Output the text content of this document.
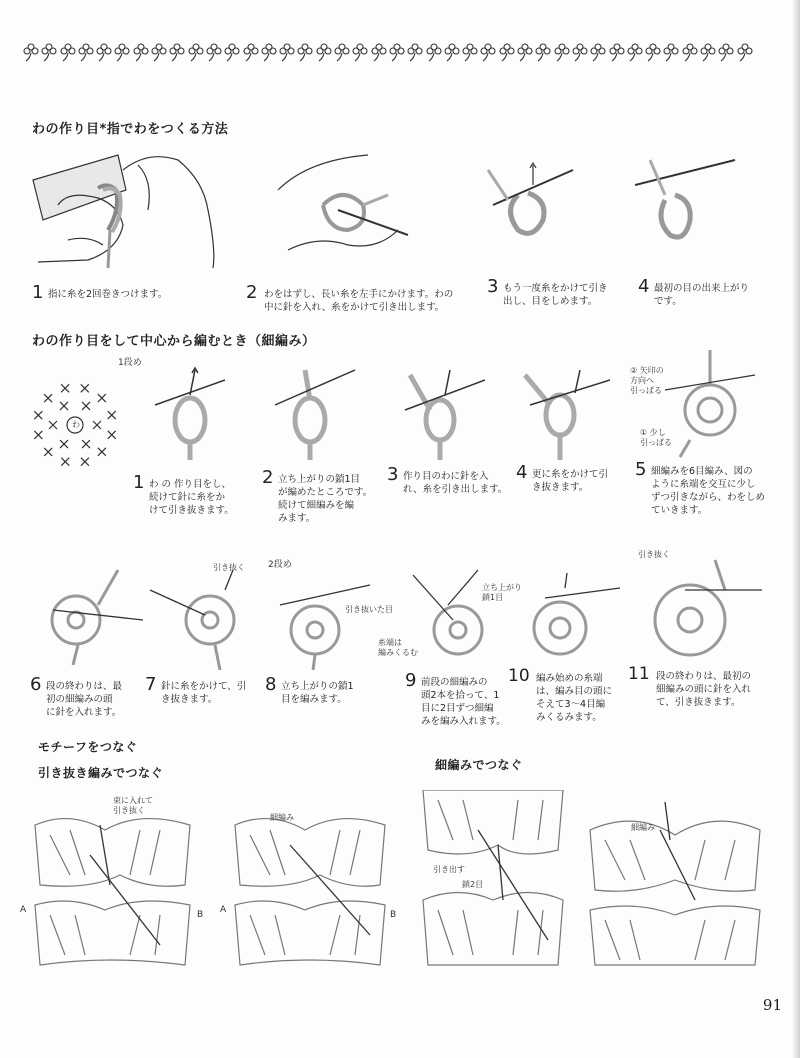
わの作り目*指でわをつくる方法
1 指に糸を2回巻きつけます。	2 わをはずし、長い糸を左手にかけます。わの
中に針を入れ、糸をかけて引き出します。
3 もう一度糸をかけて引き
出し、目をしめます。
4 最初の目の出来上がり
です。
わの作り目をして中心から編むとき（細編み）
1段め
わ
1 わ の 作り目をし、
続けて針に糸をか
けて引き抜きます。
2 立ち上がりの鎖1目
が編めたところです。
続けて細編みを編
みます。
3 作り目のわに針を入
れ、糸を引き出します。
4 更に糸をかけて引
き抜きます。
② 矢印の
方向へ
引っぱる
① 少し
引っぱる
5 細編みを6目編み、図の
ように糸端を交互に少し
ずつ引きながら、わをしめ
ていきます。
6 段の終わりは、最
初の細編みの頭
に針を入れます。
引き抜く
7 針に糸をかけて、引
き抜きます。
2段め
引き抜いた目
8 立ち上がりの鎖1
目を編みます。
立ち上がり
鎖1目
糸端は
編みくるむ
9 前段の細編みの
頭2本を拾って、1
目に2目ずつ細編
みを編み入れます。
10 編み始めの糸端
は、編み目の頭に
そえて3〜4目編
みくるみます。
引き抜く
11 段の終わりは、最初の
細編みの頭に針を入れ
て、引き抜きます。
モチーフをつなぐ
引き抜き編みでつなぐ
細編みでつなぐ
束に入れて
引き抜く
A	B
細編み
A	B
引き出す
鎖2目
細編み
91
